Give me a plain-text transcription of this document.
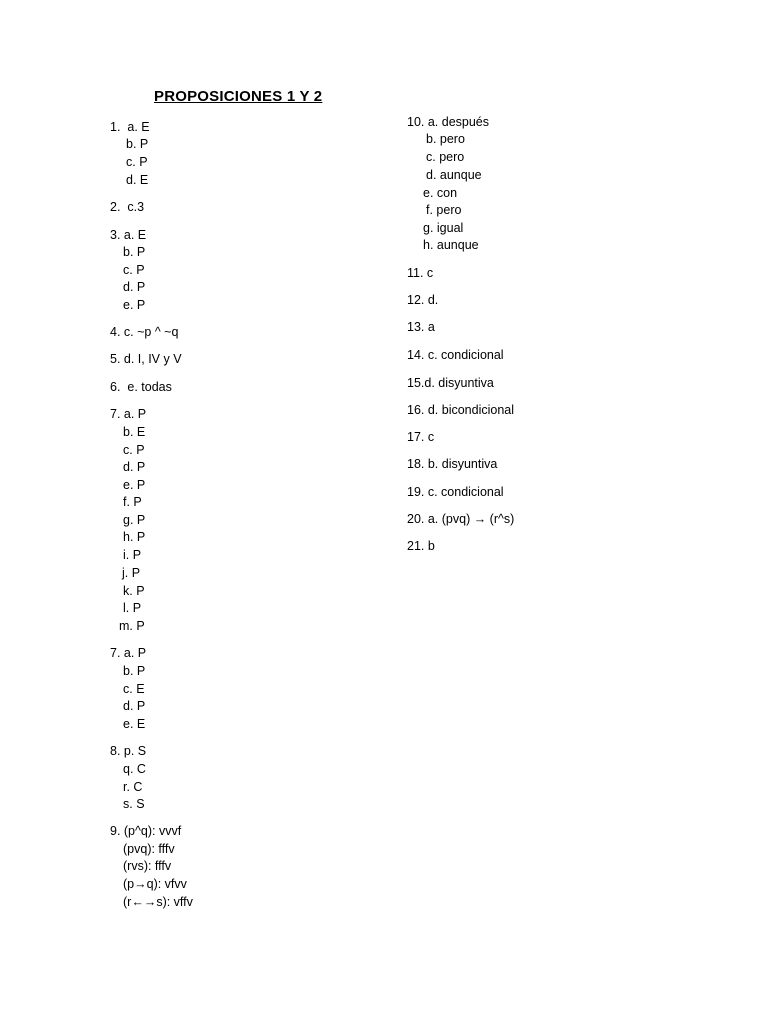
PROPOSICIONES 1 Y 2
1.  a. E
b. P
c. P
d. E
2.  c.3
3. a. E
b. P
c. P
d. P
e. P
4. c. ~p ^ ~q
5. d. I, IV y V
6.  e. todas
7. a. P
b. E
c. P
d. P
e. P
f. P
g. P
h. P
i. P
j. P
k. P
l. P
m. P
7. a. P
b. P
c. E
d. P
e. E
8. p. S
q. C
r. C
s. S
9. (p^q): vvvf
(pvq): fffv
(rvs): fffv
(p→q): vfvv
(r←→s): vffv
10. a. después
b. pero
c. pero
d. aunque
e. con
f. pero
g. igual
h. aunque
11. c
12. d.
13. a
14. c. condicional
15.d. disyuntiva
16. d. bicondicional
17. c
18. b. disyuntiva
19. c. condicional
20. a. (pvq) → (r^s)
21. b
